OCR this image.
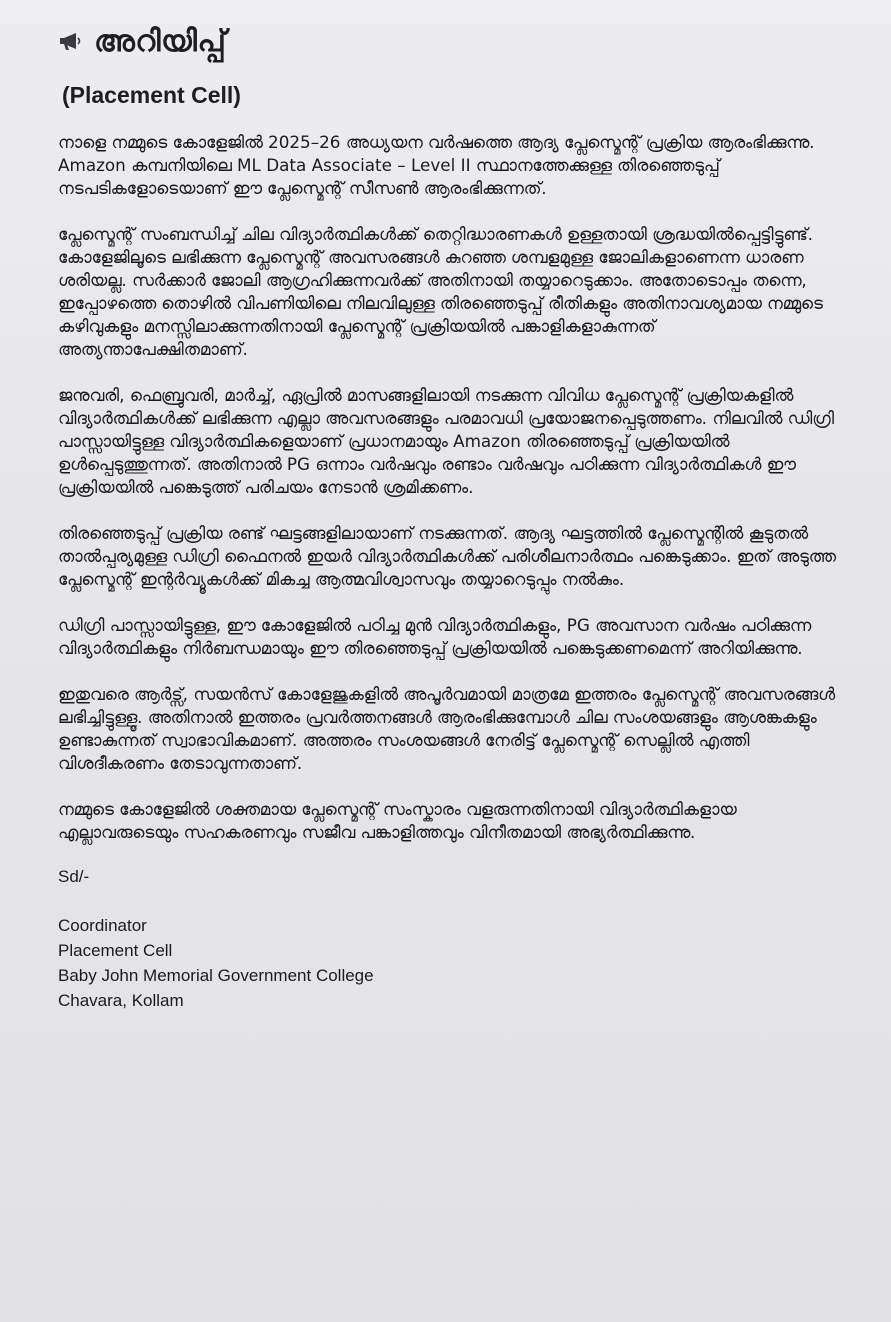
അറിയിപ്പ്
(Placement Cell)

നാളെ നമ്മുടെ കോളേജിൽ 2025–26 അധ്യയന വർഷത്തെ ആദ്യ പ്ലേസ്മെന്റ് പ്രക്രിയ ആരംഭിക്കുന്നു. Amazon കമ്പനിയിലെ ML Data Associate – Level II സ്ഥാനത്തേക്കുള്ള തിരഞ്ഞെടുപ്പ് നടപടികളോടെയാണ് ഈ പ്ലേസ്മെന്റ് സീസൺ ആരംഭിക്കുന്നത്.

പ്ലേസ്മെന്റ് സംബന്ധിച്ച് ചില വിദ്യാർത്ഥികൾക്ക് തെറ്റിദ്ധാരണകൾ ഉള്ളതായി ശ്രദ്ധയിൽപ്പെട്ടിട്ടുണ്ട്. കോളേജിലൂടെ ലഭിക്കുന്ന പ്ലേസ്മെന്റ് അവസരങ്ങൾ കുറഞ്ഞ ശമ്പളമുള്ള ജോലികളാണെന്ന ധാരണ ശരിയല്ല. സർക്കാർ ജോലി ആഗ്രഹിക്കുന്നവർക്ക് അതിനായി തയ്യാറെടുക്കാം. അതോടൊപ്പം തന്നെ, ഇപ്പോഴത്തെ തൊഴിൽ വിപണിയിലെ നിലവിലുള്ള തിരഞ്ഞെടുപ്പ് രീതികളും അതിനാവശ്യമായ നമ്മുടെ കഴിവുകളും മനസ്സിലാക്കുന്നതിനായി പ്ലേസ്മെന്റ് പ്രക്രിയയിൽ പങ്കാളികളാകുന്നത് അത്യന്താപേക്ഷിതമാണ്.

ജനുവരി, ഫെബ്രുവരി, മാർച്ച്, ഏപ്രിൽ മാസങ്ങളിലായി നടക്കുന്ന വിവിധ പ്ലേസ്മെന്റ് പ്രക്രിയകളിൽ വിദ്യാർത്ഥികൾക്ക് ലഭിക്കുന്ന എല്ലാ അവസരങ്ങളും പരമാവധി പ്രയോജനപ്പെടുത്തണം. നിലവിൽ ഡിഗ്രി പാസ്സായിട്ടുള്ള വിദ്യാർത്ഥികളെയാണ് പ്രധാനമായും Amazon തിരഞ്ഞെടുപ്പ് പ്രക്രിയയിൽ ഉൾപ്പെടുത്തുന്നത്. അതിനാൽ PG ഒന്നാം വർഷവും രണ്ടാം വർഷവും പഠിക്കുന്ന വിദ്യാർത്ഥികൾ ഈ പ്രക്രിയയിൽ പങ്കെടുത്ത് പരിചയം നേടാൻ ശ്രമിക്കണം.

തിരഞ്ഞെടുപ്പ് പ്രക്രിയ രണ്ട് ഘട്ടങ്ങളിലായാണ് നടക്കുന്നത്. ആദ്യ ഘട്ടത്തിൽ പ്ലേസ്മെന്റിൽ കൂടുതൽ താൽപ്പര്യമുള്ള ഡിഗ്രി ഫൈനൽ ഇയർ വിദ്യാർത്ഥികൾക്ക് പരിശീലനാർത്ഥം പങ്കെടുക്കാം. ഇത് അടുത്ത പ്ലേസ്മെന്റ് ഇന്റർവ്യൂകൾക്ക് മികച്ച ആത്മവിശ്വാസവും തയ്യാറെടുപ്പും നൽകും.

ഡിഗ്രി പാസ്സായിട്ടുള്ള, ഈ കോളേജിൽ പഠിച്ച മുൻ വിദ്യാർത്ഥികളും, PG അവസാന വർഷം പഠിക്കുന്ന വിദ്യാർത്ഥികളും നിർബന്ധമായും ഈ തിരഞ്ഞെടുപ്പ് പ്രക്രിയയിൽ പങ്കെടുക്കണമെന്ന് അറിയിക്കുന്നു.

ഇതുവരെ ആർട്സ്, സയൻസ് കോളേജുകളിൽ അപൂർവമായി മാത്രമേ ഇത്തരം പ്ലേസ്മെന്റ് അവസരങ്ങൾ ലഭിച്ചിട്ടുള്ളൂ. അതിനാൽ ഇത്തരം പ്രവർത്തനങ്ങൾ ആരംഭിക്കുമ്പോൾ ചില സംശയങ്ങളും ആശങ്കകളും ഉണ്ടാകുന്നത് സ്വാഭാവികമാണ്. അത്തരം സംശയങ്ങൾ നേരിട്ട് പ്ലേസ്മെന്റ് സെല്ലിൽ എത്തി വിശദീകരണം തേടാവുന്നതാണ്.

നമ്മുടെ കോളേജിൽ ശക്തമായ പ്ലേസ്മെന്റ് സംസ്കാരം വളരുന്നതിനായി വിദ്യാർത്ഥികളായ എല്ലാവരുടെയും സഹകരണവും സജീവ പങ്കാളിത്തവും വിനീതമായി അഭ്യർത്ഥിക്കുന്നു.

Sd/-
Coordinator
Placement Cell
Baby John Memorial Government College
Chavara, Kollam
